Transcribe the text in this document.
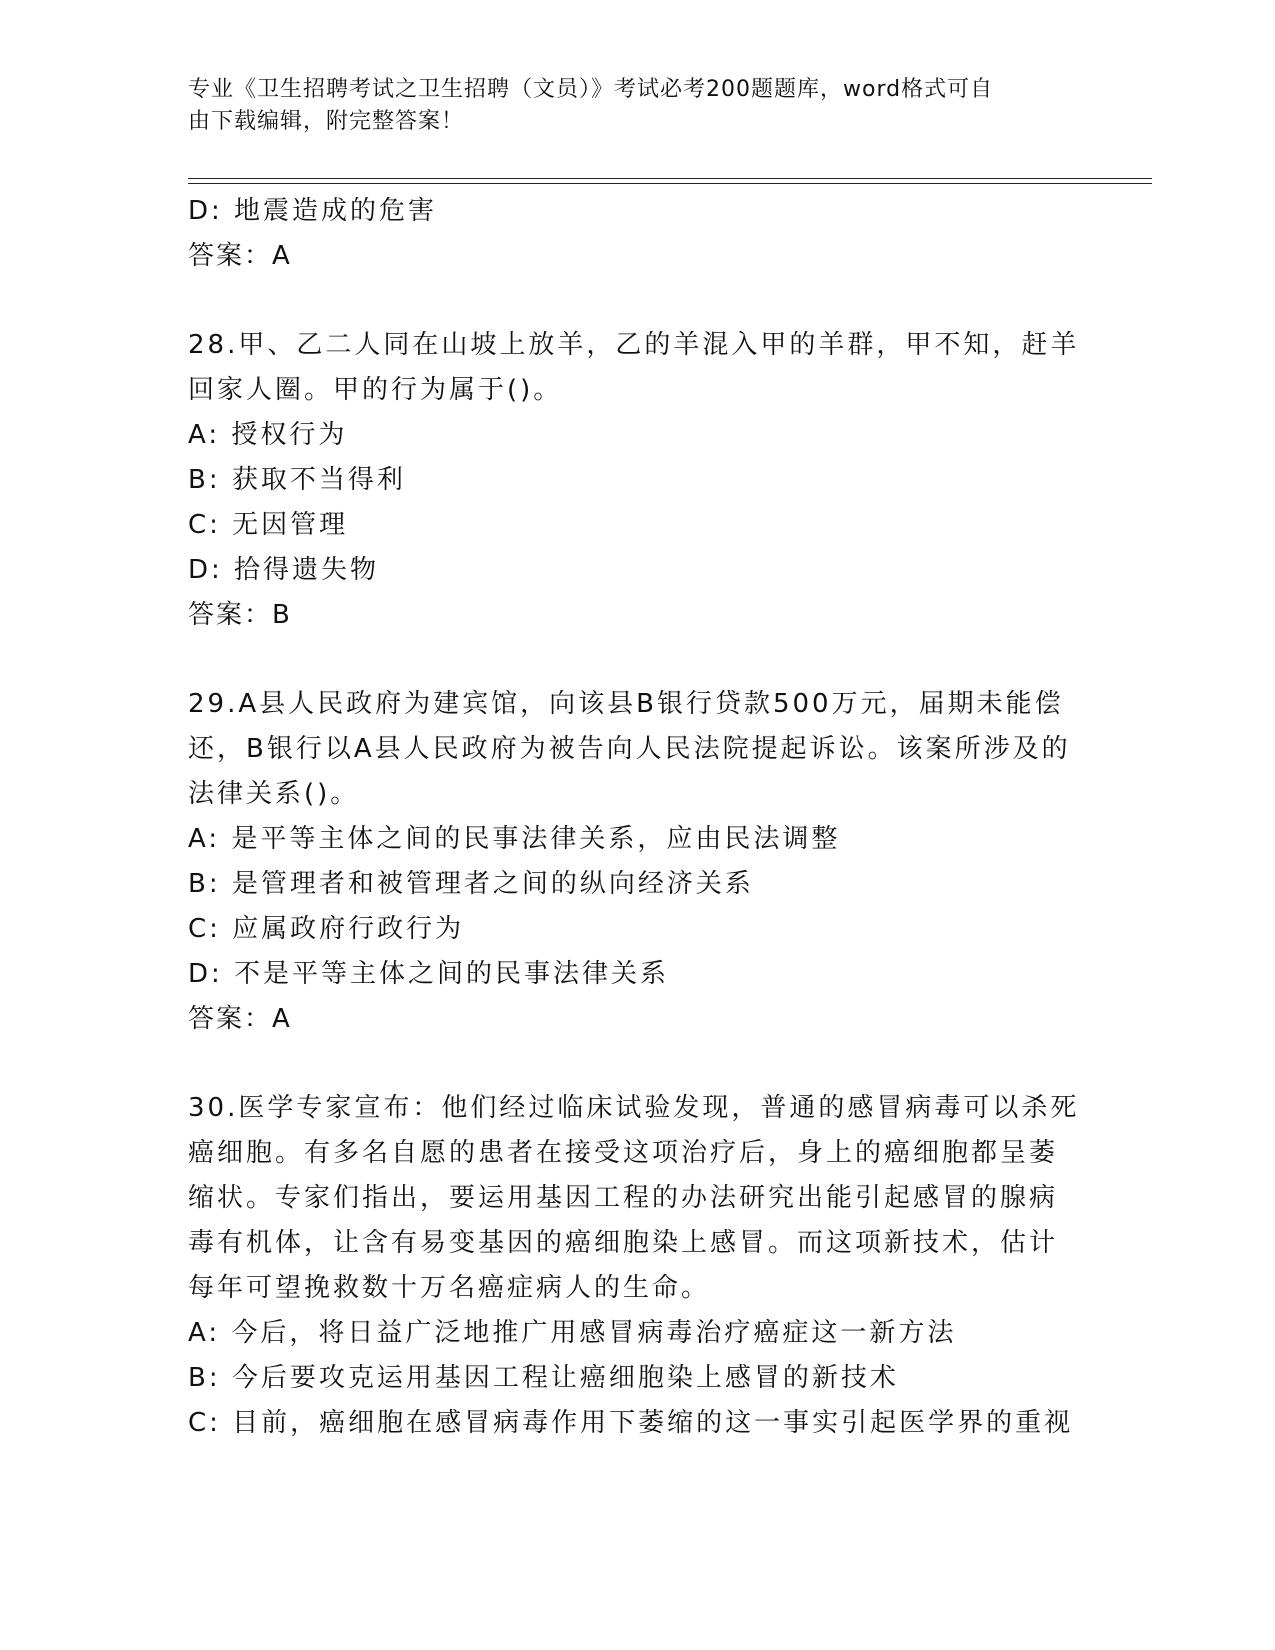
专业《卫生招聘考试之卫生招聘（文员）》考试必考200题题库，word格式可自
由下载编辑，附完整答案！
D: 地震造成的危害
答案：A
28.甲、乙二人同在山坡上放羊，乙的羊混入甲的羊群，甲不知，赶羊
回家人圈。甲的行为属于()。
A: 授权行为
B: 获取不当得利
C: 无因管理
D: 拾得遗失物
答案：B
29.A县人民政府为建宾馆，向该县B银行贷款500万元，届期未能偿
还，B银行以A县人民政府为被告向人民法院提起诉讼。该案所涉及的
法律关系()。
A: 是平等主体之间的民事法律关系，应由民法调整
B: 是管理者和被管理者之间的纵向经济关系
C: 应属政府行政行为
D: 不是平等主体之间的民事法律关系
答案：A
30.医学专家宣布：他们经过临床试验发现，普通的感冒病毒可以杀死
癌细胞。有多名自愿的患者在接受这项治疗后，身上的癌细胞都呈萎
缩状。专家们指出，要运用基因工程的办法研究出能引起感冒的腺病
毒有机体，让含有易变基因的癌细胞染上感冒。而这项新技术，估计
每年可望挽救数十万名癌症病人的生命。
A: 今后，将日益广泛地推广用感冒病毒治疗癌症这一新方法
B: 今后要攻克运用基因工程让癌细胞染上感冒的新技术
C: 目前，癌细胞在感冒病毒作用下萎缩的这一事实引起医学界的重视
